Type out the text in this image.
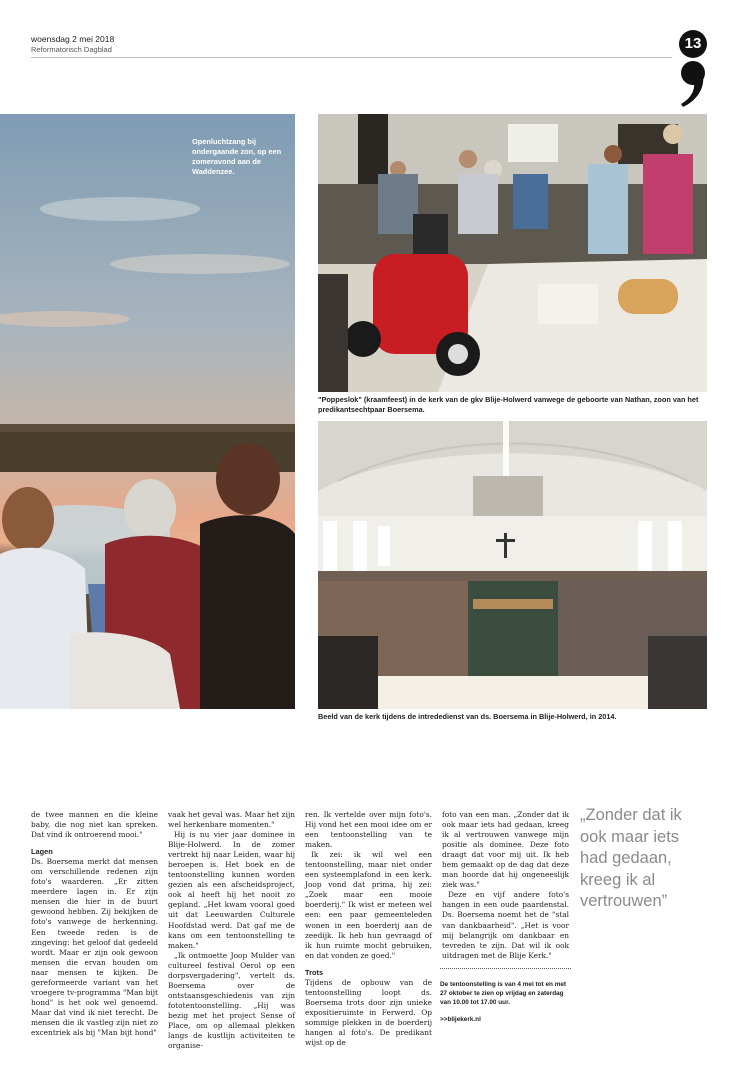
woensdag 2 mei 2018
Reformatorisch Dagblad	13
Openluchtzang bij ondergaande zon, op een zomeravond aan de Waddenzee.
"Poppeslok" (kraamfeest) in de kerk van de gkv Blije-Holwerd vanwege de geboorte van Nathan, zoon van het predikantsechtpaar Boersema.
Beeld van de kerk tijdens de intrededienst van ds. Boersema in Blije-Holwerd, in 2014.

de twee mannen en die kleine baby, die nog niet kan spreken. Dat vind ik ontroerend mooi."

Lagen

Ds. Boersema merkt dat mensen om verschillende redenen zijn foto's waarderen. „Er zitten meerdere lagen in. Er zijn mensen die hier in de buurt gewoond hebben. Zij bekijken de foto's vanwege de herkenning. Een tweede reden is de zingeving: het geloof dat gedeeld wordt. Maar er zijn ook gewoon mensen die ervan houden om naar mensen te kijken. De gereformeerde variant van het vroegere tv-programma "Man bijt hond" is het ook wel genoemd. Maar dat vind ik niet terecht. De mensen die ik vastleg zijn niet zo excentriek als bij "Man bijt hond"

vaak het geval was. Maar het zijn wel herkenbare momenten."

Hij is nu vier jaar dominee in Blije-Holwerd. In de zomer vertrekt hij naar Leiden, waar hij beroepen is. Het boek en de tentoonstelling kunnen worden gezien als een afscheidsproject, ook al heeft hij het nooit zo gepland. „Het kwam vooral goed uit dat Leeuwarden Culturele Hoofdstad werd. Dat gaf me de kans om een tentoonstelling te maken."

„Ik ontmoette Joop Mulder van cultureel festival Oerol op een dorpsvergadering", vertelt ds. Boersema over de ontstaansgeschiedenis van zijn fototentoonstelling. „Hij was bezig met het project Sense of Place, om op allemaal plekken langs de kustlijn activiteiten te organise-

ren. Ik vertelde over mijn foto's. Hij vond het een mooi idee om er een tentoonstelling van te maken.

Ik zei: ik wil wel een tentoonstelling, maar niet onder een systeemplafond in een kerk. Joop vond dat prima, hij zei: „Zoek maar een mooie boerderij." Ik wist er meteen wel een: een paar gemeenteleden wonen in een boerderij aan de zeedijk. Ik heb hun gevraagd of ik hun ruimte mocht gebruiken, en dat vonden ze goed."

Trots

Tijdens de opbouw van de tentoonstelling loopt ds. Boersema trots door zijn unieke expositieruimte in Ferwerd. Op sommige plekken in de boerderij hangen al foto's. De predikant wijst op de

foto van een man. „Zonder dat ik ook maar iets had gedaan, kreeg ik al vertrouwen vanwege mijn positie als dominee. Deze foto draagt dat voor mij uit. Ik heb hem gemaakt op de dag dat deze man hoorde dat hij ongeneeslijk ziek was."

Deze en vijf andere foto's hangen in een oude paardenstal. Ds. Boersema noemt het de "stal van dankbaarheid". „Het is voor mij belangrijk om dankbaar en tevreden te zijn. Dat wil ik ook uitdragen met de Blije Kerk."

„Zonder dat ik ook maar iets had gedaan, kreeg ik al vertrouwen”
De tentoonstelling is van 4 mei tot en met 27 oktober te zien op vrijdag en zaterdag van 10.00 tot 17.00 uur.
>>blijekerk.nl
